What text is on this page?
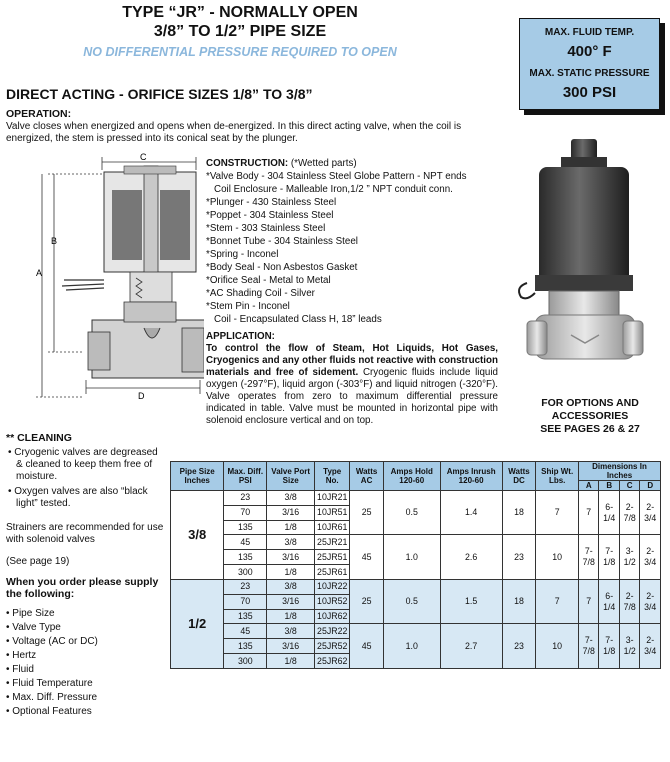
TYPE “JR” - NORMALLY OPEN
3/8” TO 1/2” PIPE SIZE
NO DIFFERENTIAL PRESSURE REQUIRED TO OPEN
MAX. FLUID TEMP.
400° F
MAX. STATIC PRESSURE
300 PSI
DIRECT ACTING - ORIFICE SIZES 1/8” TO 3/8”
OPERATION:
Valve closes when energized and opens when de-energized. In this direct acting valve, when the coil is energized, the stem is pressed into its conical seat by the plunger.
C
B
A
D
CONSTRUCTION: (*Wetted parts)
*Valve Body - 304 Stainless Steel Globe Pattern - NPT ends
Coil Enclosure - Malleable Iron,1/2 ” NPT conduit conn.
*Plunger - 430 Stainless Steel
*Poppet - 304 Stainless Steel
*Stem - 303 Stainless Steel
*Bonnet Tube - 304 Stainless Steel
*Spring - Inconel
*Body Seal - Non Asbestos Gasket
*Orifice Seal - Metal to Metal
*AC Shading Coil - Silver
*Stem Pin - Inconel
Coil - Encapsulated Class H, 18” leads
APPLICATION:
To control the flow of Steam, Hot Liquids, Hot Gases, Cryogenics and any other fluids not reactive with construction materials and free of sidement. Cryogenic fluids include liquid oxygen (-297°F), liquid argon (-303°F) and liquid nitrogen (-320°F). Valve operates from zero to maximum differential pressure indicated in table. Valve must be mounted in horizontal pipe with solenoid enclosure vertical and on top.
FOR OPTIONS AND
ACCESSORIES
SEE PAGES 26 & 27
** CLEANING
• Cryogenic valves are degreased & cleaned to keep them free of moisture.
• Oxygen valves are also “black light” tested.
Strainers are recommended for use with solenoid valves
(See page 19)
When you order please supply the following:
• Pipe Size
• Valve Type
• Voltage (AC or DC)
• Hertz
• Fluid
• Fluid Temperature
• Max. Diff. Pressure
• Optional Features
Pipe Size Inches	Max. Diff. PSI	Valve Port Size	Type No.	Watts AC	Amps Hold 120-60	Amps Inrush 120-60	Watts DC	Ship Wt. Lbs.	Dimensions In Inches			
									A	B	C	D
3/8	23	3/8	10JR21	25	0.5	1.4	18	7	7	6-1/4	2-7/8	2-3/4
	70	3/16	10JR51									
	135	1/8	10JR61									
	45	3/8	25JR21	45	1.0	2.6	23	10	7-7/8	7-1/8	3-1/2	2-3/4
	135	3/16	25JR51									
	300	1/8	25JR61									
1/2	23	3/8	10JR22	25	0.5	1.5	18	7	7	6-1/4	2-7/8	2-3/4
	70	3/16	10JR52									
	135	1/8	10JR62									
	45	3/8	25JR22	45	1.0	2.7	23	10	7-7/8	7-1/8	3-1/2	2-3/4
	135	3/16	25JR52									
	300	1/8	25JR62									
